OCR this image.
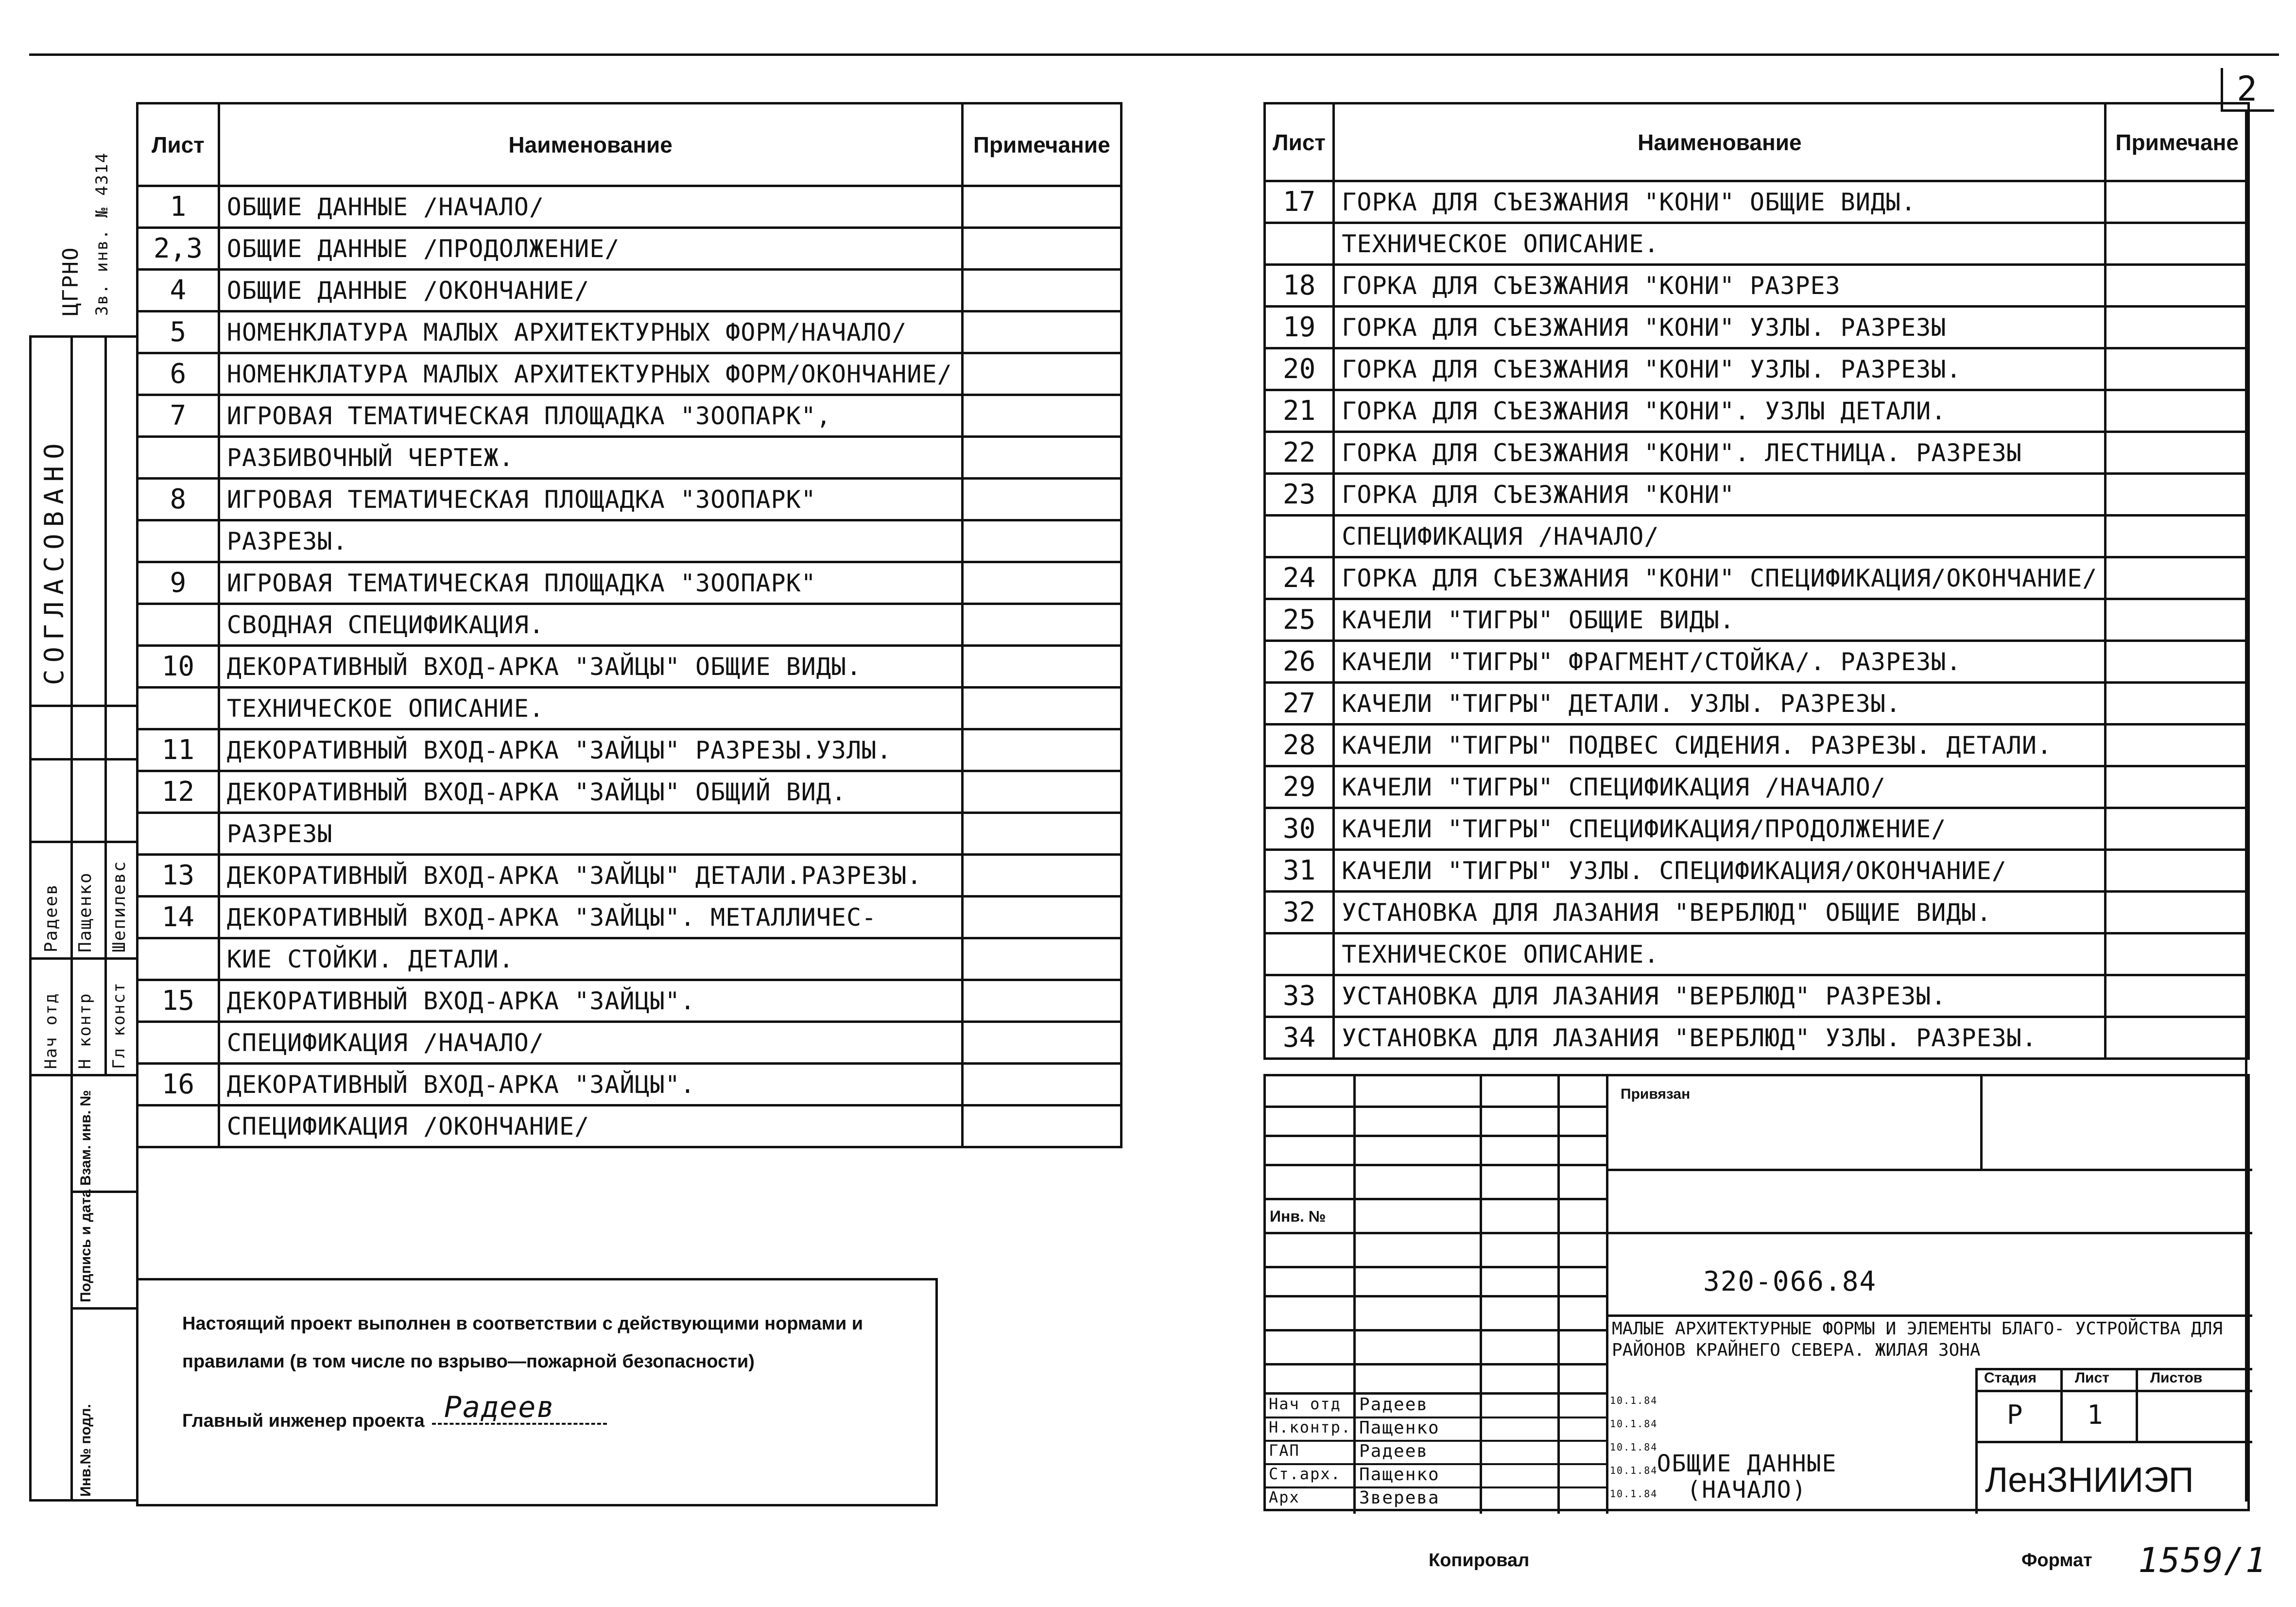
2
ЦГРНО Зв. инв. № 4314
СОГЛАСОВАНО
Нач отд Н контр Гл конст
Радеев Пащенко Шепилевс
Взам. инв. №
Подпись и дата
Инв.№ подл.
Лист	Наименование	Примечание
1	ОБЩИЕ ДАННЫЕ /НАЧАЛО/	
2,3	ОБЩИЕ ДАННЫЕ /ПРОДОЛЖЕНИЕ/	
4	ОБЩИЕ ДАННЫЕ /ОКОНЧАНИЕ/	
5	НОМЕНКЛАТУРА МАЛЫХ АРХИТЕКТУРНЫХ ФОРМ/НАЧАЛО/	
6	НОМЕНКЛАТУРА МАЛЫХ АРХИТЕКТУРНЫХ ФОРМ/ОКОНЧАНИЕ/	
7	ИГРОВАЯ ТЕМАТИЧЕСКАЯ ПЛОЩАДКА "ЗООПАРК",	
	РАЗБИВОЧНЫЙ ЧЕРТЕЖ.	
8	ИГРОВАЯ ТЕМАТИЧЕСКАЯ ПЛОЩАДКА "ЗООПАРК"	
	РАЗРЕЗЫ.	
9	ИГРОВАЯ ТЕМАТИЧЕСКАЯ ПЛОЩАДКА "ЗООПАРК"	
	СВОДНАЯ СПЕЦИФИКАЦИЯ.	
10	ДЕКОРАТИВНЫЙ ВХОД-АРКА "ЗАЙЦЫ" ОБЩИЕ ВИДЫ.	
	ТЕХНИЧЕСКОЕ ОПИСАНИЕ.	
11	ДЕКОРАТИВНЫЙ ВХОД-АРКА "ЗАЙЦЫ" РАЗРЕЗЫ.УЗЛЫ.	
12	ДЕКОРАТИВНЫЙ ВХОД-АРКА "ЗАЙЦЫ" ОБЩИЙ ВИД.	
	РАЗРЕЗЫ	
13	ДЕКОРАТИВНЫЙ ВХОД-АРКА "ЗАЙЦЫ" ДЕТАЛИ.РАЗРЕЗЫ.	
14	ДЕКОРАТИВНЫЙ ВХОД-АРКА "ЗАЙЦЫ". МЕТАЛЛИЧЕС-	
	КИЕ СТОЙКИ. ДЕТАЛИ.	
15	ДЕКОРАТИВНЫЙ ВХОД-АРКА "ЗАЙЦЫ".	
	СПЕЦИФИКАЦИЯ /НАЧАЛО/	
16	ДЕКОРАТИВНЫЙ ВХОД-АРКА "ЗАЙЦЫ".	
	СПЕЦИФИКАЦИЯ /ОКОНЧАНИЕ/	
Лист	Наименование	Примечане
17	ГОРКА ДЛЯ СЪЕЗЖАНИЯ "КОНИ" ОБЩИЕ ВИДЫ.	
	ТЕХНИЧЕСКОЕ ОПИСАНИЕ.	
18	ГОРКА ДЛЯ СЪЕЗЖАНИЯ "КОНИ" РАЗРЕЗ	
19	ГОРКА ДЛЯ СЪЕЗЖАНИЯ "КОНИ" УЗЛЫ. РАЗРЕЗЫ	
20	ГОРКА ДЛЯ СЪЕЗЖАНИЯ "КОНИ" УЗЛЫ. РАЗРЕЗЫ.	
21	ГОРКА ДЛЯ СЪЕЗЖАНИЯ "КОНИ". УЗЛЫ ДЕТАЛИ.	
22	ГОРКА ДЛЯ СЪЕЗЖАНИЯ "КОНИ". ЛЕСТНИЦА. РАЗРЕЗЫ	
23	ГОРКА ДЛЯ СЪЕЗЖАНИЯ "КОНИ"	
	СПЕЦИФИКАЦИЯ /НАЧАЛО/	
24	ГОРКА ДЛЯ СЪЕЗЖАНИЯ "КОНИ" СПЕЦИФИКАЦИЯ/ОКОНЧАНИЕ/	
25	КАЧЕЛИ "ТИГРЫ" ОБЩИЕ ВИДЫ.	
26	КАЧЕЛИ "ТИГРЫ" ФРАГМЕНТ/СТОЙКА/. РАЗРЕЗЫ.	
27	КАЧЕЛИ "ТИГРЫ" ДЕТАЛИ. УЗЛЫ. РАЗРЕЗЫ.	
28	КАЧЕЛИ "ТИГРЫ" ПОДВЕС СИДЕНИЯ. РАЗРЕЗЫ. ДЕТАЛИ.	
29	КАЧЕЛИ "ТИГРЫ" СПЕЦИФИКАЦИЯ /НАЧАЛО/	
30	КАЧЕЛИ "ТИГРЫ" СПЕЦИФИКАЦИЯ/ПРОДОЛЖЕНИЕ/	
31	КАЧЕЛИ "ТИГРЫ" УЗЛЫ. СПЕЦИФИКАЦИЯ/ОКОНЧАНИЕ/	
32	УСТАНОВКА ДЛЯ ЛАЗАНИЯ "ВЕРБЛЮД" ОБЩИЕ ВИДЫ.	
	ТЕХНИЧЕСКОЕ ОПИСАНИЕ.	
33	УСТАНОВКА ДЛЯ ЛАЗАНИЯ "ВЕРБЛЮД" РАЗРЕЗЫ.	
34	УСТАНОВКА ДЛЯ ЛАЗАНИЯ "ВЕРБЛЮД" УЗЛЫ. РАЗРЕЗЫ.	
Настоящий проект выполнен в соответствии с действующими нормами и правилами (в том числе по взрыво—пожарной безопасности)
Главный инженер проекта Радеев
Инв. №
Привязан
320-066.84
МАЛЫЕ АРХИТЕКТУРНЫЕ ФОРМЫ И ЭЛЕМЕНТЫ БЛАГО- УСТРОЙСТВА ДЛЯ РАЙОНОВ КРАЙНЕГО СЕВЕРА. ЖИЛАЯ ЗОНА
Стадия	Лист	Листов
Р 1
ОБЩИЕ ДАННЫЕ (НАЧАЛО)	ЛенЗНИИЭП
Нач отд	Радеев	10.1.84
Н.контр. Пащенко	10.1.84
ГАП	Радеев	10.1.84
Ст.арх.	Пащенко	10.1.84
Арх	Зверева	10.1.84
Копировал	Формат 1559/1
